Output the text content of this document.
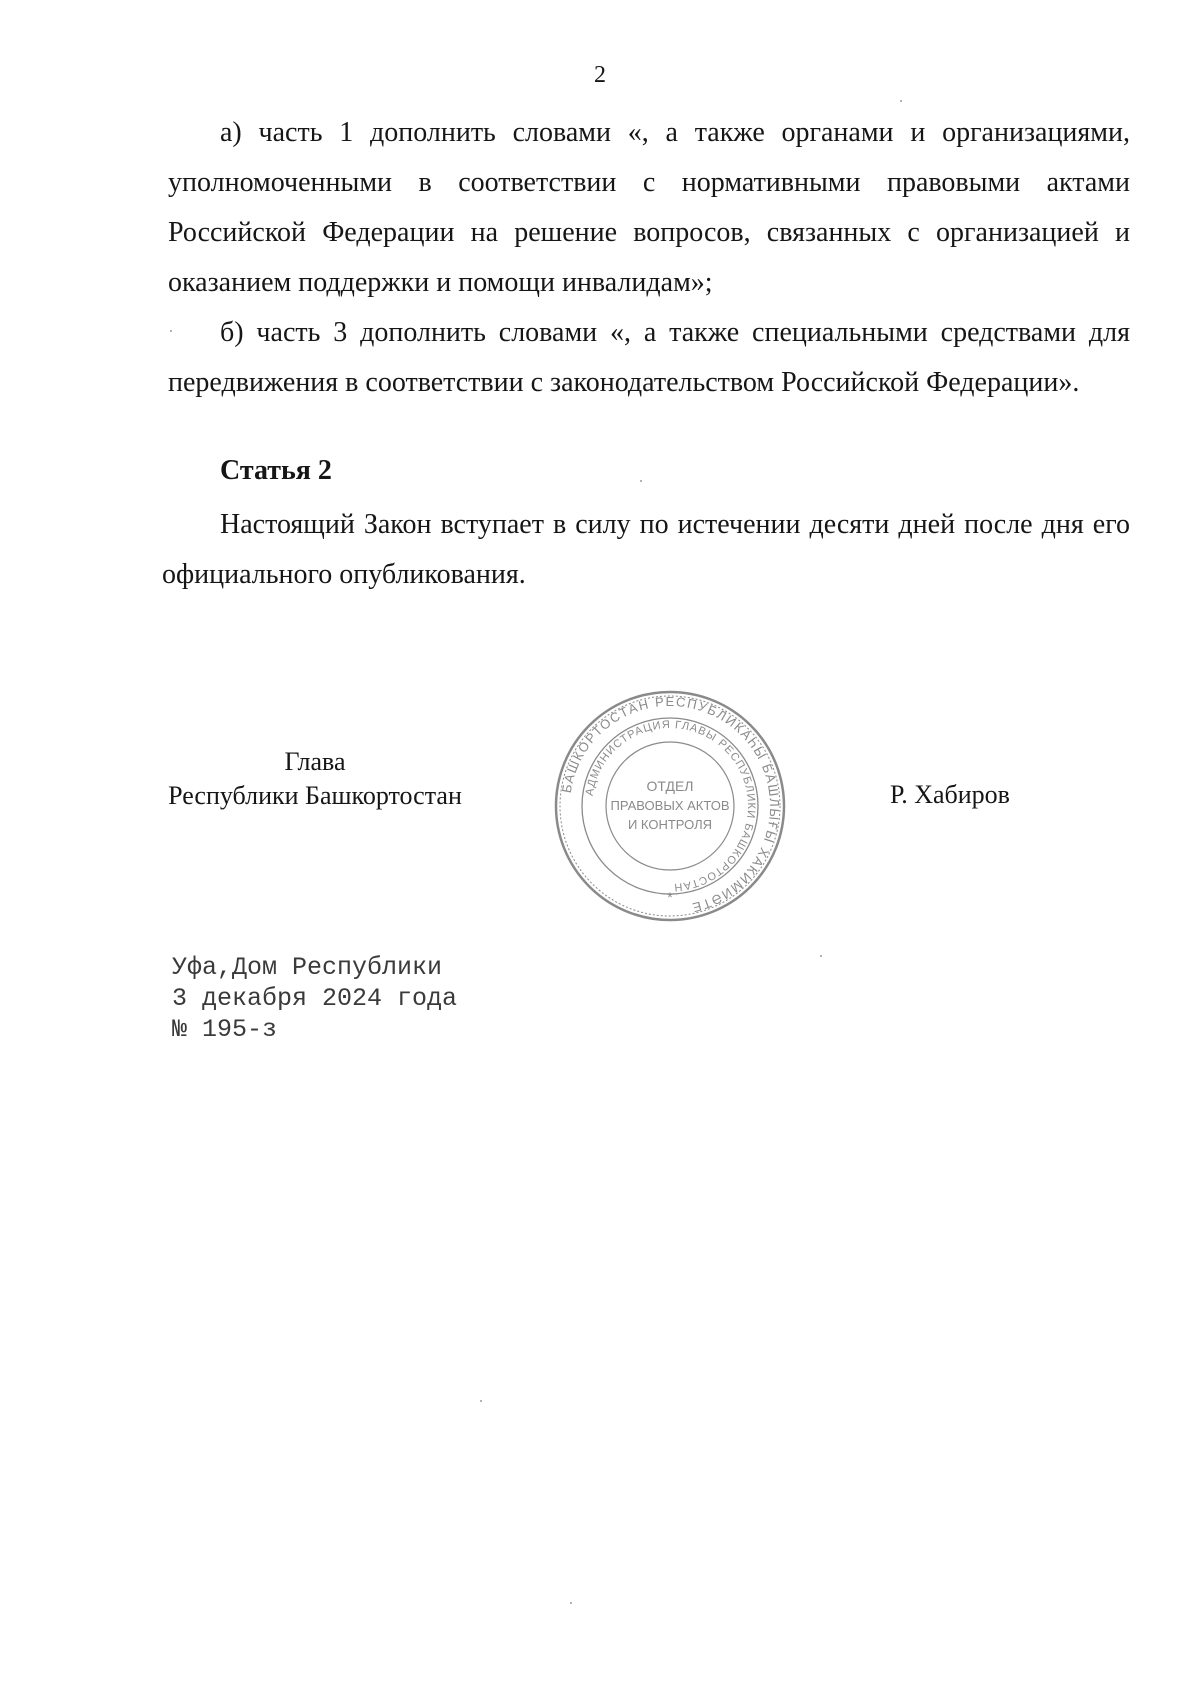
2

а) часть 1 дополнить словами «, а также органами и организациями, уполномоченными в соответствии с нормативными правовыми актами Российской Федерации на решение вопросов, связанных с организацией и оказанием поддержки и помощи инвалидам»;

б) часть 3 дополнить словами «, а также специальными средствами для передвижения в соответствии с законодательством Российской Федерации».

Статья 2

Настоящий Закон вступает в силу по истечении десяти дней после дня его официального опубликования.

Глава
Республики Башкортостан	БАШКОРТОСТАН РЕСПУБЛИКАҺЫ БАШЛЫҒЫ ХАКИМИӘТЕ
АДМИНИСТРАЦИЯ ГЛАВЫ РЕСПУБЛИКИ БАШКОРТОСТАН
ОТДЕЛ
ПРАВОВЫХ АКТОВ
И КОНТРОЛЯ
*
Р. Хабиров
Уфа,Дом Республики
3 декабря 2024 года
№ 195-з
